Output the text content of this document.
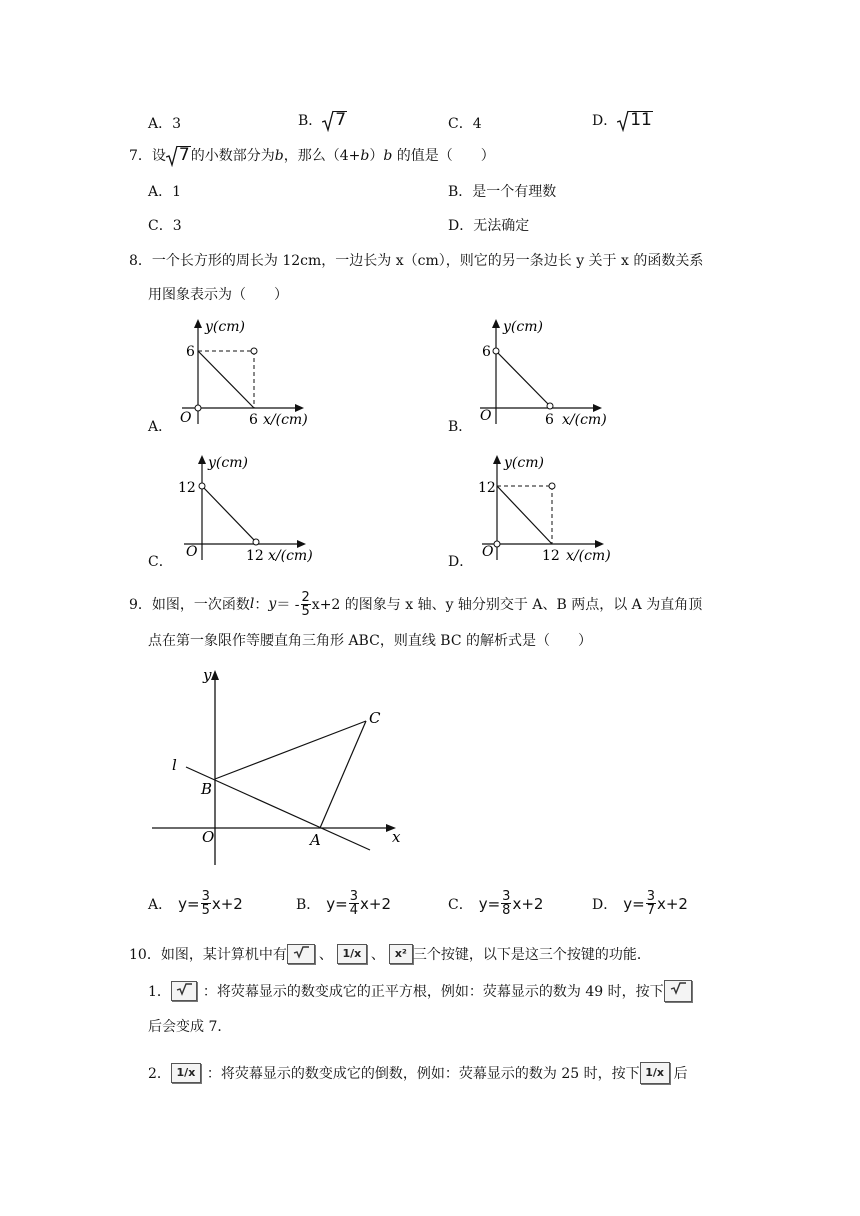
A．3	B． 7	C．4	D． 11
7．设 7的小数部分为b，那么（4+b）b 的值是（　　）
A．1	B．是一个有理数
C．3	D．无法确定
8．一个长方形的周长为 12cm，一边长为 x（cm），则它的另一条边长 y 关于 x 的函数关系
用图象表示为（　　）
A．
6
6
O
y(cm)
x/(cm)	B．
6
6
O
y(cm)
x/(cm)
C．
12
12
O
y(cm)
x/(cm)	D．
12
12
O
y(cm)
x/(cm)
9．如图，一次函数 l ： y ＝ - $\frac{2}{5} x+2$ 的图象与 x 轴、y 轴分别交于 A、B 两点，以 A 为直角顶
点在第一象限作等腰直角三角形 ABC，则直线 BC 的解析式是（　　）
y
x
l
B
O	A
C
A． $y= \frac{3}{5} x+2$	B． $y= \frac{3}{4} x+2$	C． $y= \frac{3}{8} x+2$	D． $y= \frac{3}{7} x+2$
10．如图，某计算机中有 、 1/x 、 x² 三个按键，以下是这三个按键的功能．
1． ：将荧幕显示的数变成它的正平方根，例如：荧幕显示的数为 49 时，按下
后会变成 7．
2． 1/x ：将荧幕显示的数变成它的倒数，例如：荧幕显示的数为 25 时，按下 1/x 后
